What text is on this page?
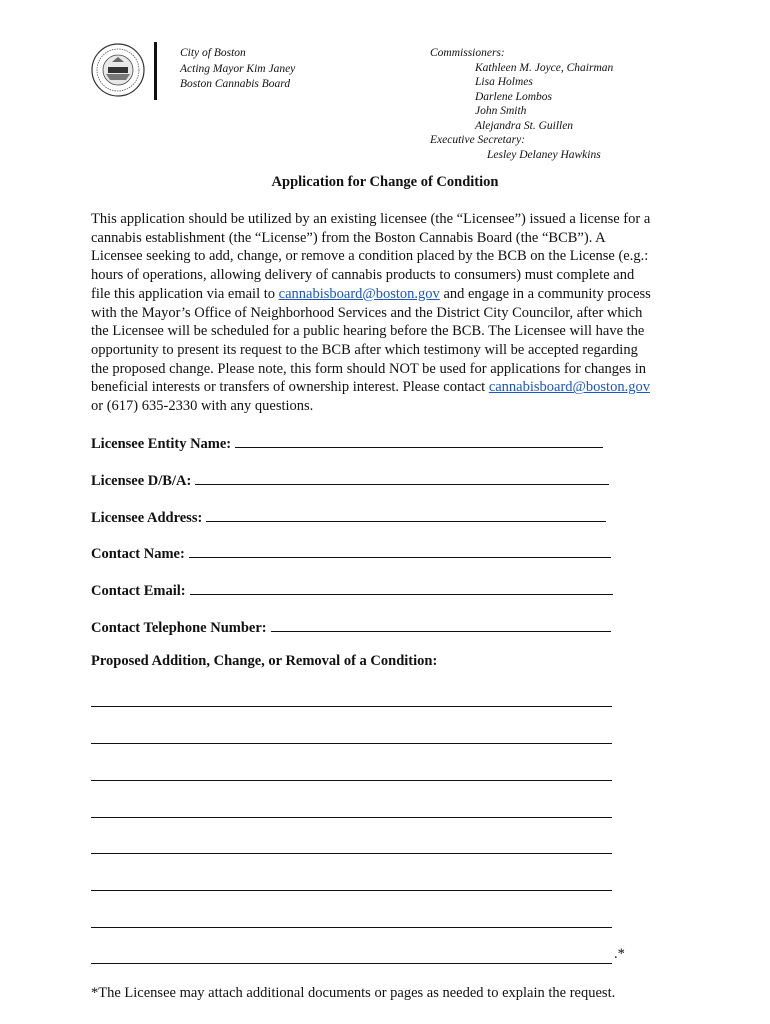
City of Boston
Acting Mayor Kim Janey
Boston Cannabis Board
Commissioners:
Kathleen M. Joyce, Chairman
Lisa Holmes
Darlene Lombos
John Smith
Alejandra St. Guillen
Executive Secretary:
Lesley Delaney Hawkins
Application for Change of Condition
This application should be utilized by an existing licensee (the “Licensee”) issued a license for a
cannabis establishment (the “License”) from the Boston Cannabis Board (the “BCB”). A
Licensee seeking to add, change, or remove a condition placed by the BCB on the License (e.g.:
hours of operations, allowing delivery of cannabis products to consumers) must complete and
file this application via email to cannabisboard@boston.gov and engage in a community process
with the Mayor’s Office of Neighborhood Services and the District City Councilor, after which
the Licensee will be scheduled for a public hearing before the BCB. The Licensee will have the
opportunity to present its request to the BCB after which testimony will be accepted regarding
the proposed change. Please note, this form should NOT be used for applications for changes in
beneficial interests or transfers of ownership interest. Please contact cannabisboard@boston.gov
or (617) 635-2330 with any questions.
Licensee Entity Name:
Licensee D/B/A:
Licensee Address:
Contact Name:
Contact Email:
Contact Telephone Number:
Proposed Addition, Change, or Removal of a Condition:
.*
*The Licensee may attach additional documents or pages as needed to explain the request.
